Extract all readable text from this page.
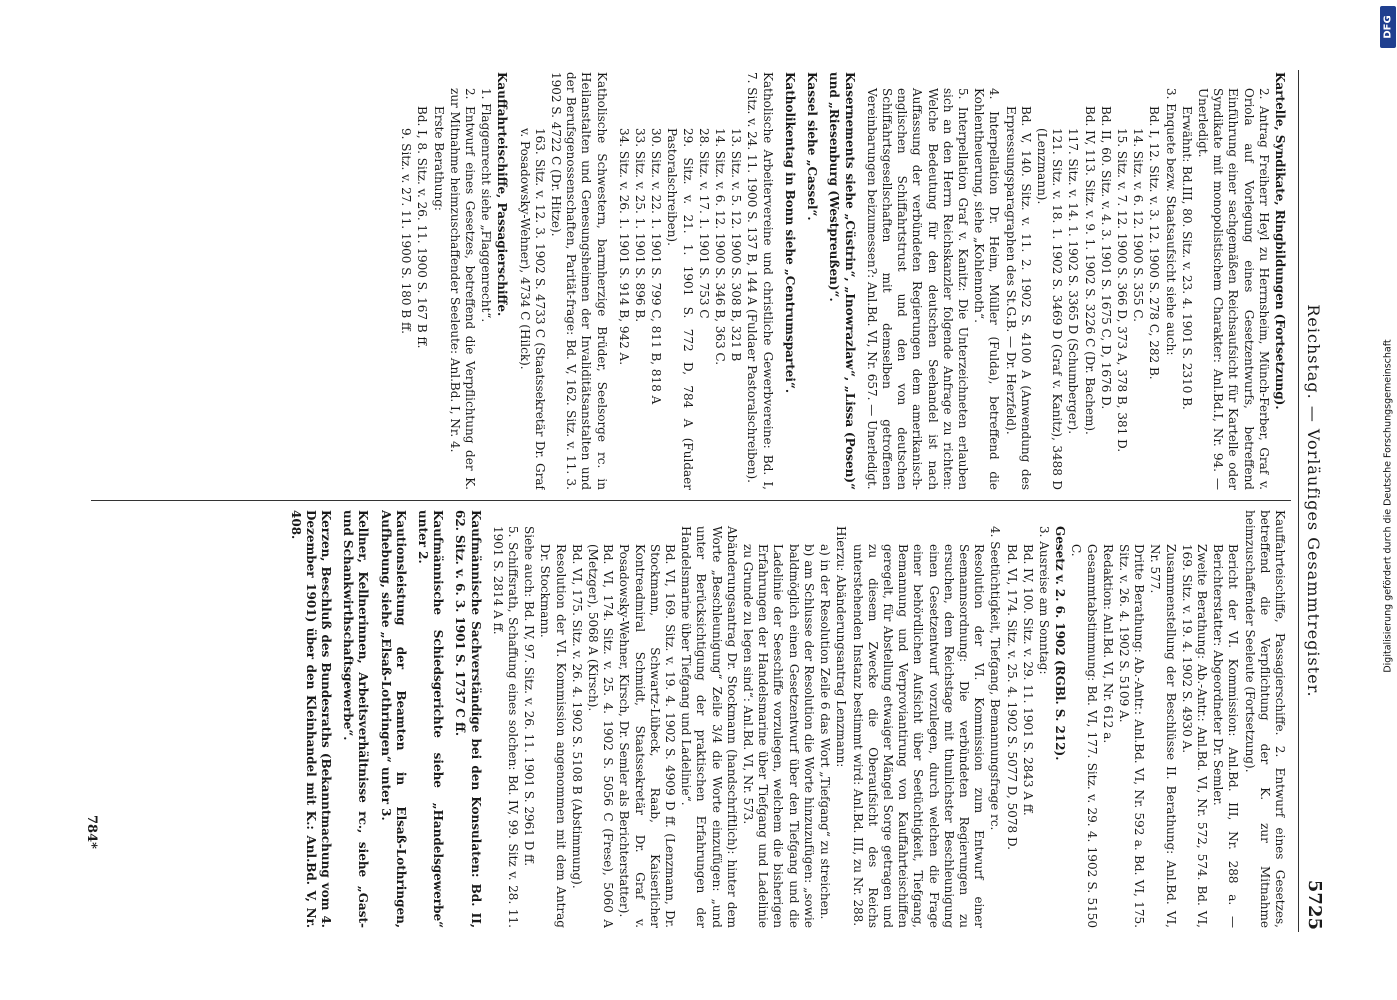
Reichstag. — Vorläufiges Gesammtregister.
5725
Kartelle, Syndikate, Ringbildungen (Fortsetzung).
2. Antrag Freiherr Heyl zu Herrnsheim, Münch-Ferber, Graf v. Oriola auf Vorlegung eines Gesetzentwurfs, betreffend Einführung einer sachgemäßen Reichsaufsicht für Kartelle oder Syndikate mit monopolistischem Charakter: Anl.Bd.I, Nr. 94. — Unerledigt.
Erwähnt: Bd.III, 80. Sitz. v. 23. 4. 1901 S. 2310 B.
3. Enquete bezw. Staatsaufsicht siehe auch:
Bd. I, 12. Sitz. v. 3. 12. 1900 S. 278 C, 282 B.
14. Sitz. v. 6. 12. 1900 S. 355 C.
15. Sitz. v. 7. 12. 1900 S. 366 D, 373 A, 378 B, 381 D.
Bd. II, 60. Sitz. v. 4. 3. 1901 S. 1675 C, D, 1676 D.
Bd. IV, 113. Sitz. v. 9. 1. 1902 S. 3226 C (Dr. Bachem).
117. Sitz. v. 14. 1. 1902 S. 3365 D (Schumberger).
121. Sitz. v. 18. 1. 1902 S. 3469 D (Graf v. Kanitz), 3488 D (Lenzmann).
Bd. V, 140. Sitz. v. 11. 2. 1902 S. 4100 A (Anwendung des Erpressungsparagraphen des St.G.B. — Dr. Herzfeld).
4. Interpellation Dr. Heim, Müller (Fulda), betreffend die Kohlentheuerung, siehe „Kohlennoth“.
5. Interpellation Graf v. Kanitz: Die Unterzeichneten erlauben sich an den Herrn Reichskanzler folgende Anfrage zu richten: Welche Bedeutung für den deutschen Seehandel ist nach Auffassung der verbündeten Regierungen dem amerikanisch-englischen Schiffahrtstrust und den von deutschen Schiffahrtsgesellschaften mit demselben getroffenen Vereinbarungen beizumessen?: Anl.Bd. VI, Nr. 657. — Unerledigt.
Kasernements siehe „Cüstrin“, „Inowrazlaw“, „Lissa (Posen)“ und „Riesenburg (Westpreußen)“.
Kassel siehe „Cassel“.
Katholikentag in Bonn siehe „Centrumspartei“.
Katholische Arbeitervereine und christliche Gewerbvereine: Bd. I, 7. Sitz. v. 24. 11. 1900 S. 137 B, 144 A (Fuldaer Pastoralschreiben).
13. Sitz. v. 5. 12. 1900 S. 308 B, 321 B
14. Sitz. v. 6. 12. 1900 S. 346 B, 363 C.
28. Sitz. v. 17. 1. 1901 S. 753 C
29. Sitz. v. 21. 1. 1901 S. 772 D, 784 A (Fuldaer Pastoralschreiben).
30. Sitz. v. 22. 1. 1901 S. 799 C, 811 B, 818 A
33. Sitz. v. 25. 1. 1901 S. 896 B.
34. Sitz. v. 26. 1. 1901 S. 914 B, 942 A.
Katholische Schwestern, barmherzige Brüder, Seelsorge rc. in Heilanstalten und Genesungsheimen der Invaliditätsanstalten und der Berufsgenossenschaften, Parität-frage: Bd. V, 162. Sitz. v. 11. 3. 1902 S. 4722 C (Dr. Hitze).
163. Sitz. v. 12. 3. 1902 S. 4733 C (Staatssekretär Dr. Graf v. Posadowsky-Wehner), 4734 C (Hilck).
Kauffahrteischiffe, Passagierschiffe.
1. Flaggenrecht siehe „Flaggenrecht“.
2. Entwurf eines Gesetzes, betreffend die Verpflichtung der K. zur Mitnahme heimzuschaffender Seeleute: Anl.Bd. I, Nr. 4.
Erste Berathung:
Bd. I, 8. Sitz. v. 26. 11. 1900 S. 167 B ff.
9. Sitz. v. 27. 11. 1900 S. 180 B ff.
Kauffahrteischiffe, Passagierschiffe. 2. Entwurf eines Gesetzes, betreffend die Verpflichtung der K. zur Mitnahme heimzuschaffender Seeleute (Fortsetzung).
Bericht der VI. Kommission: Anl.Bd. III, Nr. 288 a. — Berichterstatter: Abgeordneter Dr. Semler.
Zweite Berathung: Ab.-Antr.: Anl.Bd. VI, Nr. 572, 574. Bd. VI, 169. Sitz. v. 19. 4. 1902 S. 4930 A.
Zusammenstellung der Beschlüsse II. Berathung: Anl.Bd. VI, Nr. 577.
Dritte Berathung: Ab.-Antr.: Anl.Bd. VI, Nr. 592 a. Bd. VI, 175. Sitz. v. 26. 4. 1902 S. 5109 A.
Redaktion: Anl.Bd. VI, Nr. 612 a.
Gesammtabstimmung: Bd. VI, 177. Sitz. v. 29. 4. 1902 S. 5150 C.
Gesetz v. 2. 6. 1902 (RGBl. S. 212).
3. Ausreise am Sonntag:
Bd. IV, 100. Sitz. v. 29. 11. 1901 S. 2843 A ff.
Bd. VI, 174. Sitz. v. 25. 4. 1902 S. 5077 D, 5078 D.
4. Seetüchtigkeit, Tiefgang, Bemannungsfrage rc.
Resolution der VI. Kommission zum Entwurf einer Seemannsordnung: Die verbündeten Regierungen zu ersuchen, dem Reichstage mit thunlichster Beschleunigung einen Gesetzentwurf vorzulegen, durch welchen die Frage einer behördlichen Aufsicht über Seetüchtigkeit, Tiefgang, Bemannung und Verproviantirung von Kauffahrteischiffen geregelt, für Abstellung etwaiger Mängel Sorge getragen und zu diesem Zwecke die Oberaufsicht des Reichs unterstehenden Instanz bestimmt wird: Anl.Bd. III, zu Nr. 288.
Hierzu: Abänderungsantrag Lenzmann:
a) in der Resolution Zeile 6 das Wort „Tiefgang“ zu streichen.
b) am Schlusse der Resolution die Worte hinzuzufügen: „sowie baldmöglich einen Gesetzentwurf über den Tiefgang und die Ladelinie der Seeschiffe vorzulegen, welchem die bisherigen Erfahrungen der Handelsmarine über Tiefgang und Ladelinie zu Grunde zu legen sind“: Anl.Bd. VI, Nr. 573.
Abänderungsantrag Dr. Stockmann (handschriftlich): hinter dem Worte „Beschleunigung“ Zeile 3/4 die Worte einzufügen: „und unter Berücksichtigung der praktischen Erfahrungen der Handelsmarine über Tiefgang und Ladelinie“.
Bd. VI, 169. Sitz. v. 19. 4. 1902 S. 4909 D ff. (Lenzmann, Dr. Stockmann, Schwartz-Lübeck, Raab, Kaiserlicher Kontreadmiral Schmidt, Staatssekretär Dr. Graf v. Posadowsky-Wehner, Kirsch, Dr. Semler als Berichterstatter).
Bd. VI, 174. Sitz. v. 25. 4. 1902 S. 5056 C (Frese), 5060 A (Metzger), 5068 A (Kirsch).
Bd. VI, 175. Sitz. v. 26. 4. 1902 S. 5108 B (Abstimmung).
Resolution der VI. Kommission angenommen mit dem Antrag Dr. Stockmann.
Siehe auch: Bd. IV, 97. Sitz. v. 26. 11. 1901 S. 2961 D ff.
5. Schiffsrath, Schaffung eines solchen: Bd. IV, 99. Sitz v. 28. 11. 1901 S. 2814 A ff.
Kaufmännische Sachverständige bei den Konsulaten: Bd. II, 62. Sitz. v. 6. 3. 1901 S. 1737 C ff.
Kaufmännische Schiedsgerichte siehe „Handelsgewerbe“ unter 2.
Kautionsleistung der Beamten in Elsaß-Lothringen, Aufhebung, siehe „Elsaß-Lothringen“ unter 3.
Kellner, Kellnerinnen, Arbeitsverhältnisse rc., siehe „Gast- und Schankwirthschaftsgewerbe“.
Kerzen, Beschluß des Bundesraths (Bekanntmachung vom 4. Dezember 1901) über den Kleinhandel mit K.: Anl.Bd. V, Nr. 408.
784*
DFG
Digitalisierung gefördert durch die Deutsche Forschungsgemeinschaft
